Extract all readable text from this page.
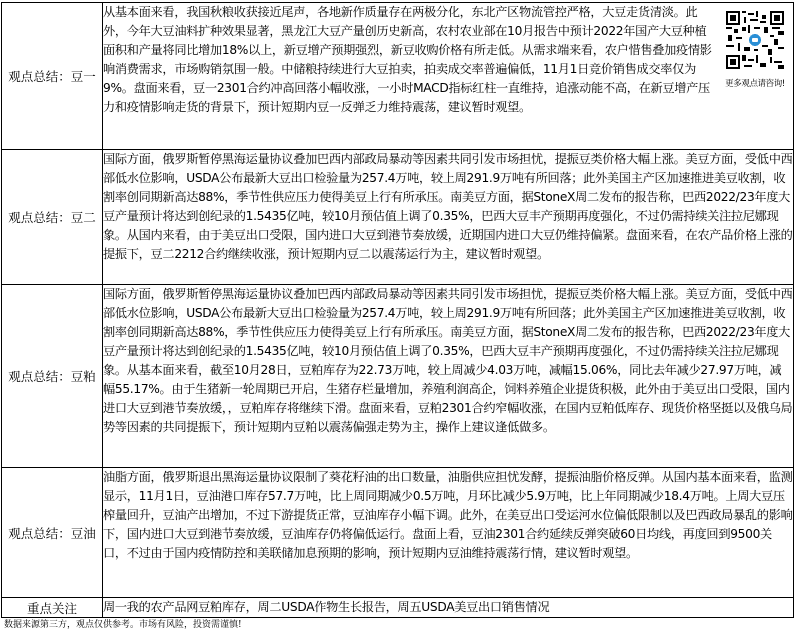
观点总结：豆一	从基本面来看，我国秋粮收获接近尾声，各地新作质量存在两极分化，东北产区物流管控严格，大豆走货清淡。此外，今年大豆油料扩种效果显著，黑龙江大豆产量创历史新高，农村农业部在10月报告中预计2022年国产大豆种植面积和产量将同比增加18%以上，新豆增产预期强烈，新豆收购价格有所走低。从需求端来看，农户惜售叠加疫情影响消费需求，市场购销氛围一般。中储粮持续进行大豆拍卖，拍卖成交率普遍偏低，11月1日竞价销售成交率仅为9%。盘面来看，豆一2301合约冲高回落小幅收涨，一小时MACD指标红柱一直维持，追涨动能不高，在新豆增产压力和疫情影响走货的背景下，预计短期内豆一反弹乏力维持震荡，建议暂时观望。
更多观点请咨询!

观点总结：豆二	国际方面，俄罗斯暂停黑海运量协议叠加巴西内部政局暴动等因素共同引发市场担忧，提振豆类价格大幅上涨。美豆方面，受低中西部低水位影响，USDA公布最新大豆出口检验量为257.4万吨，较上周291.9万吨有所回落；此外美国主产区加速推进美豆收割，收割率创同期新高达88%，季节性供应压力使得美豆上行有所承压。南美豆方面，据StoneX周二发布的报告称，巴西2022/23年度大豆产量预计将达到创纪录的1.5435亿吨，较10月预估值上调了0.35%，巴西大豆丰产预期再度强化，不过仍需持续关注拉尼娜现象。从国内来看，由于美豆出口受限，国内进口大豆到港节奏放缓，近期国内进口大豆仍维持偏紧。盘面来看，在农产品价格上涨的提振下，豆二2212合约继续收涨，预计短期内豆二以震荡运行为主，建议暂时观望。
观点总结：豆粕	国际方面，俄罗斯暂停黑海运量协议叠加巴西内部政局暴动等因素共同引发市场担忧，提振豆类价格大幅上涨。美豆方面，受低中西部低水位影响，USDA公布最新大豆出口检验量为257.4万吨，较上周291.9万吨有所回落；此外美国主产区加速推进美豆收割，收割率创同期新高达88%，季节性供应压力使得美豆上行有所承压。南美豆方面，据StoneX周二发布的报告称，巴西2022/23年度大豆产量预计将达到创纪录的1.5435亿吨，较10月预估值上调了0.35%，巴西大豆丰产预期再度强化，不过仍需持续关注拉尼娜现象。从基本面来看，截至10月28日，豆粕库存为22.73万吨，较上周减少4.03万吨，减幅15.06%，同比去年减少27.97万吨，减幅55.17%。由于生猪新一轮周期已开启，生猪存栏量增加，养殖利润高企，饲料养殖企业提货积极，此外由于美豆出口受限，国内进口大豆到港节奏放缓，，豆粕库存将继续下滑。盘面来看，豆粕2301合约窄幅收涨，在国内豆粕低库存、现货价格坚挺以及俄乌局势等因素的共同提振下，预计短期内豆粕以震荡偏强走势为主，操作上建议逢低做多。
观点总结：豆油	油脂方面，俄罗斯退出黑海运量协议限制了葵花籽油的出口数量，油脂供应担忧发酵，提振油脂价格反弹。从国内基本面来看，监测显示，11月1日，豆油港口库存57.7万吨，比上周同期减少0.5万吨，月环比减少5.9万吨，比上年同期减少18.4万吨。上周大豆压榨量回升，豆油产出增加，不过下游提货正常，豆油库存小幅下调。此外，在美豆出口受运河水位偏低限制以及巴西政局暴乱的影响下，国内进口大豆到港节奏放缓，豆油库存仍将偏低运行。盘面上看，豆油2301合约延续反弹突破60日均线，再度回到9500关口，不过由于国内疫情防控和美联储加息预期的影响，预计短期内豆油维持震荡行情，建议暂时观望。
重点关注	周一我的农产品网豆粕库存，周二USDA作物生长报告，周五USDA美豆出口销售情况
数据来源第三方，观点仅供参考。市场有风险，投资需谨慎!
